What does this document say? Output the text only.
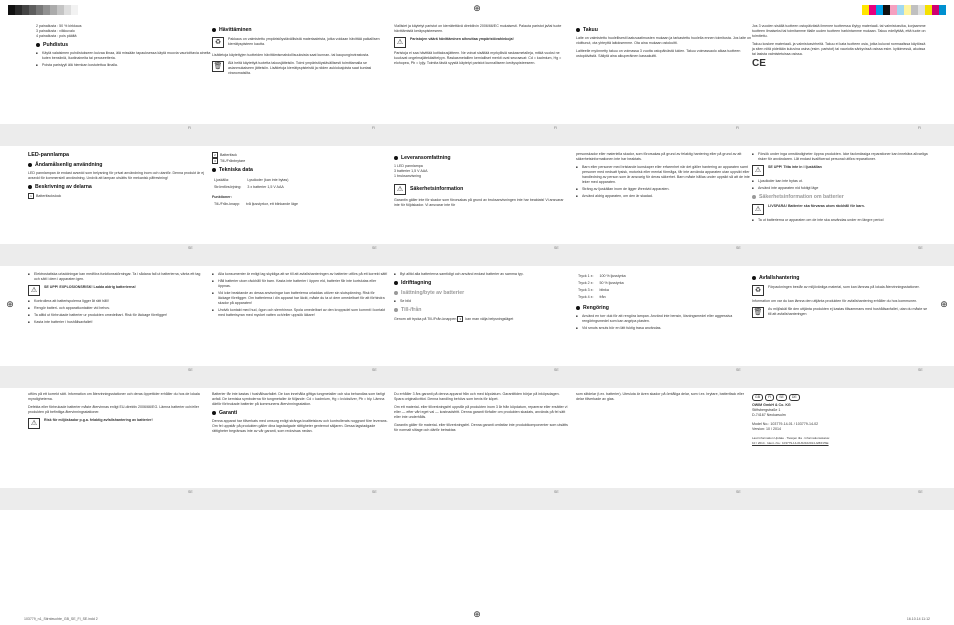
⊕	⊕
⊕
⊕
2 painallusta : 50 % kirkkaus
3 painallusta : vilkkuvalo
4 painallusta : pois päältä
Puhdistus
■ Käytä valaisimen puhdistukseen kuivaa liinaa, älä missään tapauksessa käytä muovia vaurioittavia aineita kuten bensiiniä, liuotinaineita tai peruseetteria.
■ Poista paristyyli älä hiemkan kostutettua liinalla.
Hävittäminen
♻	Pakkaus on valmistettu ympäristöystävällisistä materiaaleista, jotka voidaan hävittää paikallisen kierrätyspisteen kautta.

Lisätietoja käytettyjen tuotteiden hävittämismahdollisuuksista saat kunnan- tai kaupunginvirastosta.

🗑	Älä heitä käytettyä tuotetta talousjätteisiin. Toimi ympäristöystävällisesti toimittamalla se asianmukaiseen jätteisiin. Lisätietoja kierrätyspisteistä ja niiden aukioloajoista saat kuntasi viranomaisilta.

Viallisiet ja käytetyt paristot on kierrätettävä direktiivin 2006/66/EC mukaisesti. Palauta paristot ja/tai tuote hävittämistä keräyspisteeseen.

⚠	Paristojen väärä hävittäminen aiheuttaa ympäristövahinkoja!

Paristoja ei saa hävittää kotitalousjätteen. Ne voivat sisältää myrkyllisiä raskasmetalleja, mitkä vuoksi ne kuuluvat ongelmajätekäsittelyyn. Raskasmetallien kemialliset merkit ovat seuraavat: Cd = kadmium, Hg = elohopea, Pb = lyijy. Toimita tästä syystä käytetyt paristot kunnalliseen keräyspisteeseen.

Takuu

Laite on valmistettu huolellisesti laatuvaatimusten mukaan ja tarkastettu huolella ennen toimitusta. Jos laite on vioittunut, ota yhteyttä laitoksemme. Ota aina mukaan ostokuitti.

Laitteelle myönnetty takuu on voimassa 3 vuotta ostopäivästä lukien. Takuu voimassaolo alkaa tuotteen ostopäivästä. Säilytä aina alkuperäinen kassakuitti.

Jos 3 vuoden sisällä tuotteen ostopäivästä ilmenee tuotteessa löytyy materiaali- tai valmistusvika, korjaamme tuotteen ilmaiseksi tai toimitamme tilalle uuden tuotteen harkintamme mukaan. Takuu edellyttää, että tuote on toimitettu.

Takuu koskee materiaali- ja valmistusvirheitä. Takuu ei kata tuotteen osia, jotka kuluvat normaalissa käytössä ja siten niitä pidetään kuluvina osina (esim. paristot) tai vaurioita särkyvissä osissa esim. kytkimessä, akuissa tai lasista valmistetuissa osissa.

CE
FI	FI	FI	FI	FI
LED-pannlampa
Ändamålsenlig användning

LED pannlampan är endast avsedd som belysning för privat användning inom och utanför. Denna produkt är ej avsedd för kommersiell användning. Undvik att lampan utsätts för mekanisk påfrestning!

Beskrivning av delarna
1 Batterifackslock
2 Batterifack
3 Till-/Frånbrytare
Tekniska data
Ljuskälla:	Lysdioder (kan inte bytas)
Strömförsörjning:	3 x batterier 1,5 V AAA
Funktioner:
Till-/Från-knapp:	två ljusstyrkor, ett blinkande läge
Leveransomfattning
1 LED pannlampa
3 batterier 1,5 V AAA
1 bruksanvisning
⚠	Säkerhetsinformation

Garantin gäller inte för skador som förorsakas på grund av bruksanvisningen inte har beaktats! Vi ansvarar inte för följdskador. Vi ansvarar inte för

personskador eller materiella skador, som förorsakas på grund av felaktig hantering eller på grund av att säkerhetsinformationen inte har beaktats.

■ Barn eller personer med bristande kunskaper eller erfarenhet när det gäller hantering av apparaten samt personer med nedsatt fysisk, motorisk eller mental förmåga, får inte använda apparaten utan uppsikt eller handledning av person som är ansvarig för deras säkerhet. Barn måste hållas under uppsikt så att de inte leker med apparaten.
■ Sträng av ljuskällan inom de ligger i/bredvid apparaten.
■ Använd aldrig apparaten, om den är skadad.
■ Försök under inga omständigheter öppna produkten. Icke fackmässiga reparationer kan innebära allvarliga risker för användaren. Låt endast kvalificerad personal utföra reparationer.
⚠	SE UPP! Titta inte in i ljuskällan
■ Ljusdioder kan inte bytas ut.
■ Använd inte apparaten nid fuktigt läge
Säkerhetsinformation om batterier
⚠	LIVSFARA! Batterier ska förvaras utom räckhåll för barn.
■ Ta ut batterierna ur apparaten om de inte ska användas under en längre period
SE	SE	SE	SE	SE
■ Elektrostatiska urladdningar kan medföra funktionsstörningar. Ta i sådana fall ut batterierna, vänta ett tag och sätt i dem i apparaten igen.
⚠	SE UPP! EXPLOSIONSRISK! Ladda aldrig batterierna!
■ Kontrollera att batterispolerna ligger åt rätt håll!
■ Rengör batteri- och apparatkontakter vid behov.
■ Ta alltid ut förbrukade batterier ur produkten omedelbart. Risk för läckage föreligger!
■ Kasta inte batterier i hushållsavfallet!
■ Alla konsumenter är enligt lag skyldiga att se till att avfallshanteringen av batterier utförs på ett korrekt sätt!
■ Håll batterier utom räckhåll för barn. Kasta inte batterier i öppen eld, batterier får inte kortslutas eller öppnas.
■ Vid icke beaktande av dessa anvisningar kan batterierna urladdas utöver sin slutspänning. Risk för läckage föreligger. Om batterierna i din apparat har läckt, måste du ta ut dem omedelbart för att förhindra skador på apparaten!
■ Undvik kontakt med hud, ögon och slemhinnor. Spola omedelbart av den kroppsdel som kommit i kontakt med batterisyran med mycket vatten och/eller uppsök läkare!
■ Byt alltid alla batterierna samtidigt och använd endast batterier av samma typ.
Idrifttagning
Isättning/byte av batterier
■ Se bild
Till-/från

Genom att trycka på Till-/Från-knappen 3 kan man välja belysningsläget

Tryck 1 x:	100 % ljusstyrka
Tryck 2 x:	50 % ljusstyrka
Tryck 3 x:	blinka
Tryck 4 x:	från
Rengöring
■ Använd en torr duk för att rengöra lampan. Använd inte bensin, lösningsmedel eller aggressiva rengöringsmedel som kan angripa plasten.
■ Vid smuts smuts bör en lätt fuktig trasa användas.
Avfallshantering
♻	Förpackningen består av miljövänliga material, som kan lämnas på lokala återvinningsstationer.

Information om var du kan lämna den uttjänta produkten för avfallshantering erhåller du hos kommunen.

🗑	Av miljöskäl får den uttjänta produkten ej kastas tillsammans med hushållsavfallet, utan du måste se till att avfallshanteringen

SE	SE	SE	SE	SE

utförs på ett korrekt sätt. Information om återvinningsstationer och deras öppettider erhåller du hos de lokala myndigheterna.

Defekta eller förbrukade batterier måste återvinnas enligt EU-direktiv 2006/66/EG. Lämna batterier och/eller produkten på befintliga återvinningsstationer.

⚠	Risk för miljöskador p.g.a. felaktig avfallshantering av batterier!

Batterier får inte kastas i hushållsavfallet. De kan innehålla giftiga tungmetaller och ska behandlas som farligt avfall. De kemiska symbolerna för tungmetaller är följande: Cd = kadmium, Hg = kvicksilver, Pb = bly. Lämna därför förbrukade batterier på kommunens återvinningsstation.

Garanti

Denna apparat har tillverkats med omsorg enligt stränga kvalitetskrav och kontrollerats noggrant före leverans. Om fel uppstår på produkten gäller dina lagstadgade rättigheter gentemot säljaren. Dessa lagstadgade rättigheter begränsas inte av vår garanti, som redovisas nedan.

Du erhåller 3 års garanti på denna apparat från och med köpdatum. Garantitiden börjar på inköpsdagen. Spara originalkvittot. Denna handling behövs som bevis för köpet.

Om ett material- eller tillverkningsfel uppstår på produkten inom 3 år från köpdatum, reparerar eller ersätter vi eller — efter vårt eget val — kostnadsfritt. Denna garanti förfaller om produkten skadats, används på fel sätt eller inte underhålls.

Garantin gäller för material- eller tillverkningsfel. Denna garanti omfattar inte produktkomponenter som utsätts för normalt slitage och därför betraktas

som slitdelar (t.ex. batterier). Utesluta är även skador på ömtåliga delar, som t.ex. brytare, batterifack eller delar tillverkade av glas.	GB	FI	SE	DE
OWIM GmbH & Co. KG
Stiftsbergstraße 1
D-74167 Neckarsulm
Model No.: 103779-14-01 / 103779-14-02
Version: 10 / 2014
Last Information Update · Tietojen tila · Informationsstatus:
10 / 2014 · Ident.-No.: 103779-14-01/02102014-GB/FI/SE
SE	SE	SE	SE	SE
103779_n1_Stirnleuchte_GB_SE_FI_SE.indd 2	16.10.14 11:12
